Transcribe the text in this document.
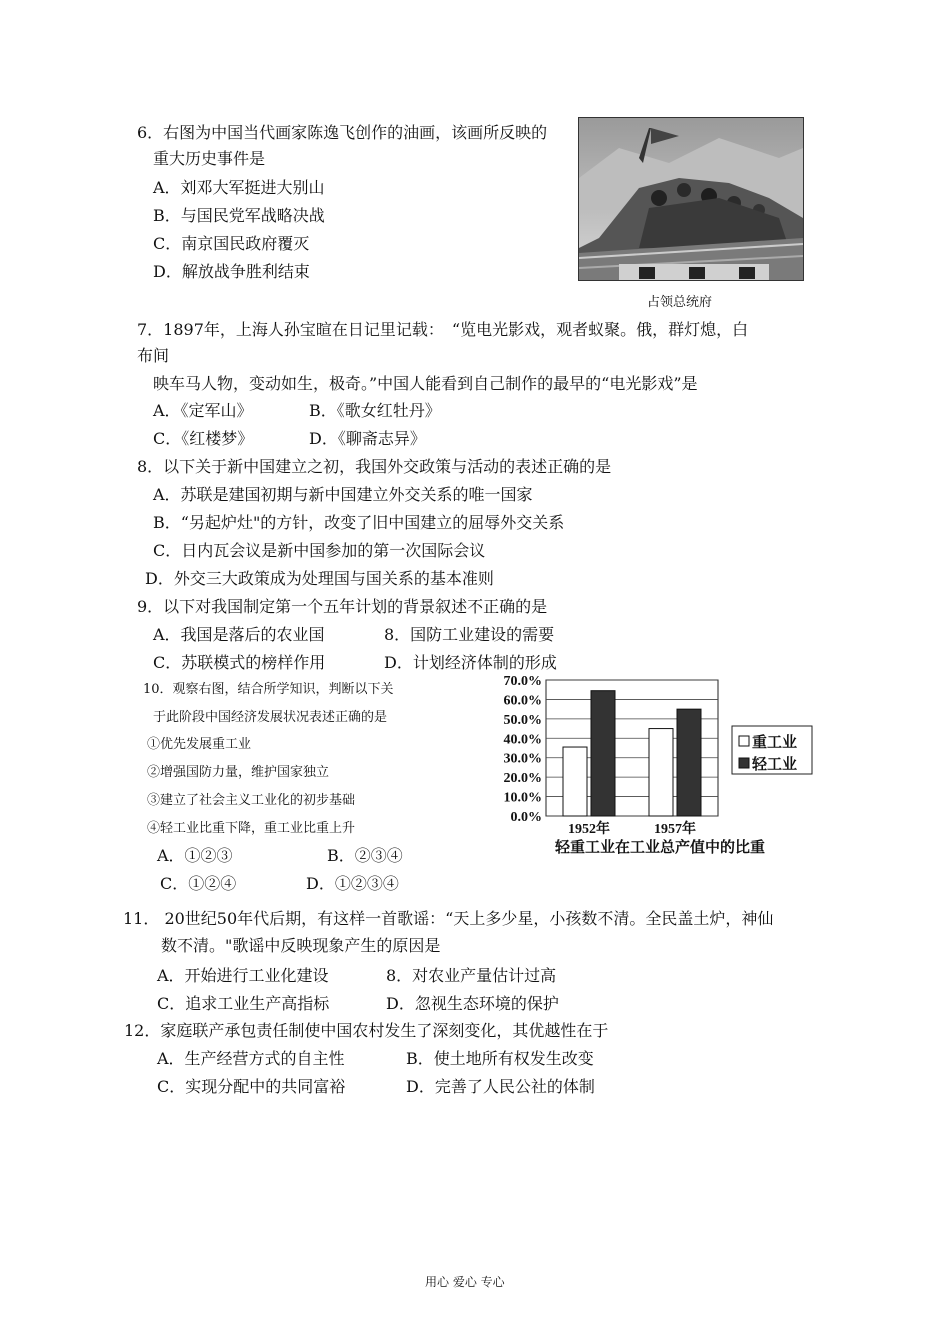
6．右图为中国当代画家陈逸飞创作的油画，该画所反映的
重大历史事件是
A．刘邓大军挺进大别山
B．与国民党军战略决战
C．南京国民政府覆灭
D．解放战争胜利结束
占领总统府
7．1897年，上海人孙宝暄在日记里记载：　“览电光影戏，观者蚁聚。俄，群灯熄，白
布间
映车马人物，变动如生，极奇。”中国人能看到自己制作的最早的“电光影戏”是
A．《定军山》	B．《歌女红牡丹》
C．《红楼梦》	D．《聊斋志异》
8．以下关于新中国建立之初，我国外交政策与活动的表述正确的是
A．苏联是建国初期与新中国建立外交关系的唯一国家
B．“另起炉灶"的方针，改变了旧中国建立的屈辱外交关系
C．日内瓦会议是新中国参加的第一次国际会议
D．外交三大政策成为处理国与国关系的基本准则
9．以下对我国制定第一个五年计划的背景叙述不正确的是
A．我国是落后的农业国	8．国防工业建设的需要
C．苏联模式的榜样作用	D．计划经济体制的形成
10．观察右图，结合所学知识，判断以下关
于此阶段中国经济发展状况表述正确的是
①优先发展重工业
②增强国防力量，维护国家独立
③建立了社会主义工业化的初步基础
④轻工业比重下降，重工业比重上升
A．①②③	B．②③④
C．①②④	D．①②③④
0.0%
10.0%
20.0%
30.0%
40.0%
50.0%
60.0%
70.0%
1952年	1957年
重工业
轻工业
轻重工业在工业总产值中的比重
11． 20世纪50年代后期，有这样一首歌谣：“天上多少星，小孩数不清。全民盖土炉，神仙
数不清。"歌谣中反映现象产生的原因是
A．开始进行工业化建设	8．对农业产量估计过高
C．追求工业生产高指标	D．忽视生态环境的保护
12．家庭联产承包责任制使中国农村发生了深刻变化，其优越性在于
A．生产经营方式的自主性	B．使土地所有权发生改变
C．实现分配中的共同富裕	D．完善了人民公社的体制
用心 爱心 专心
